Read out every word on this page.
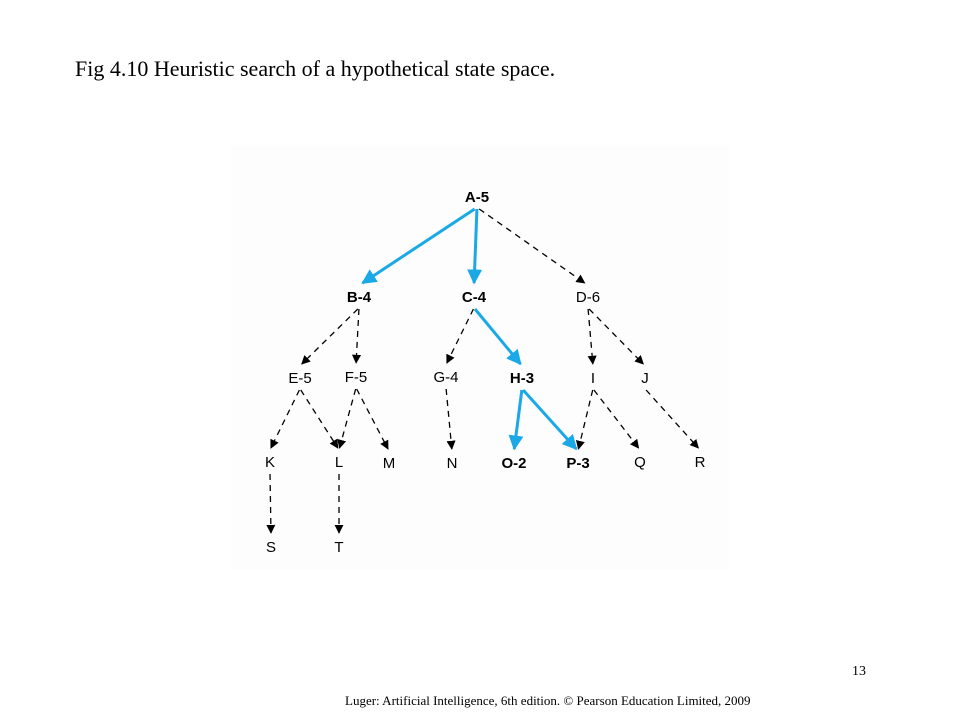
Fig 4.10 Heuristic search of a hypothetical state space.
A-5
B-4	C-4	D-6
E-5 F-5	G-4	H-3	I	J
K	L	M	N	O-2	P-3	Q	R
S	T
13
Luger: Artificial Intelligence, 6th edition. © Pearson Education Limited, 2009
